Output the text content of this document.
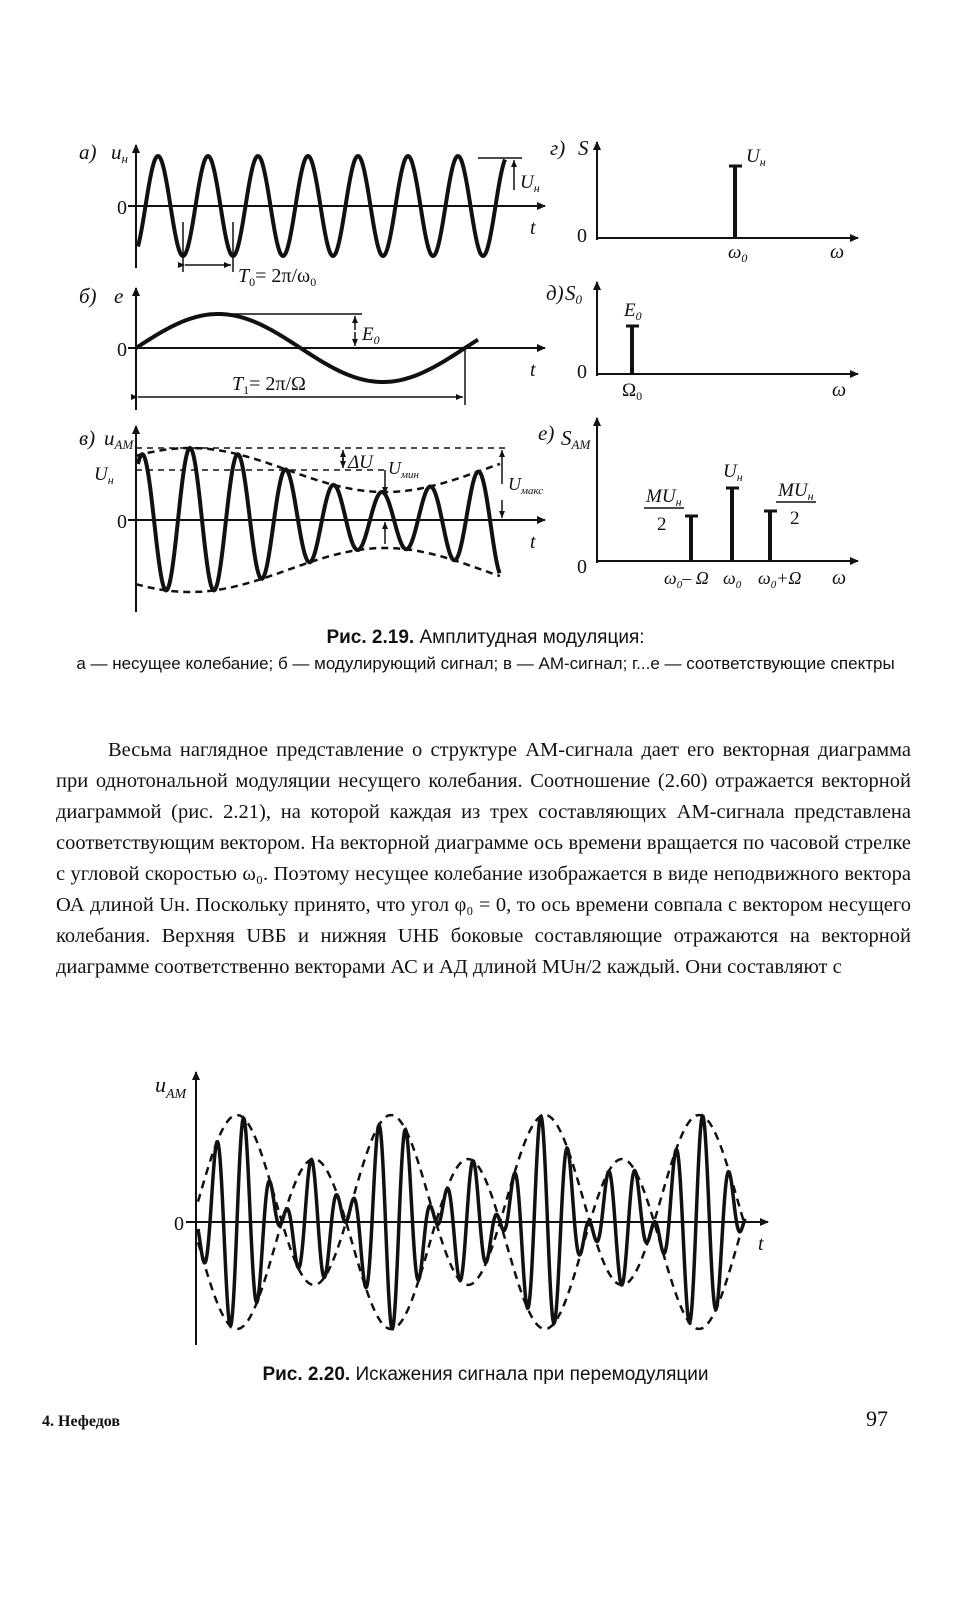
а) uн
0
$U_н$
t
$T_0= 2\pi/\omega_0$
б) e
0
$E_0$
t
$T_1= 2\pi/\Omega$
в) uAM
$U_н$
0
ΔU $U_{мин}$	$U_{макс}$
t
г) S
0
$U_н$
$\omega_0$	ω
д) S0
0
$E_0$
$\Omega_0$	ω
е) SAM
0
$U_н$
$MU_н$
2
$MU_н$
2
$\omega_0-$ Ω $\omega_0$ $\omega_0+\Omega$ ω
Рис. 2.19. Амплитудная модуляция:
а — несущее колебание; б — модулирующий сигнал; в — АМ-сигнал; г...е — соответствующие спектры

Весьма наглядное представление о структуре АМ-сигнала дает его векторная диаграмма при однотональной модуляции несущего колебания. Соотношение (2.60) отражается векторной диаграммой (рис. 2.21), на которой каждая из трех составляющих АМ-сигнала представлена соответствующим вектором. На векторной диаграмме ось времени вращается по часовой стрелке с угловой скоростью ω₀. Поэтому несущее колебание изображается в виде неподвижного вектора ОА длиной Uн. Поскольку принято, что угол φ₀ = 0, то ось времени совпала с вектором несущего колебания. Верхняя UВБ и нижняя UНБ боковые составляющие отражаются на векторной диаграмме соответственно векторами АС и АД длиной MUн/2 каждый. Они составляют с

$u_{AM}$
0
t
Рис. 2.20. Искажения сигнала при перемодуляции
4. Нефедов	97
